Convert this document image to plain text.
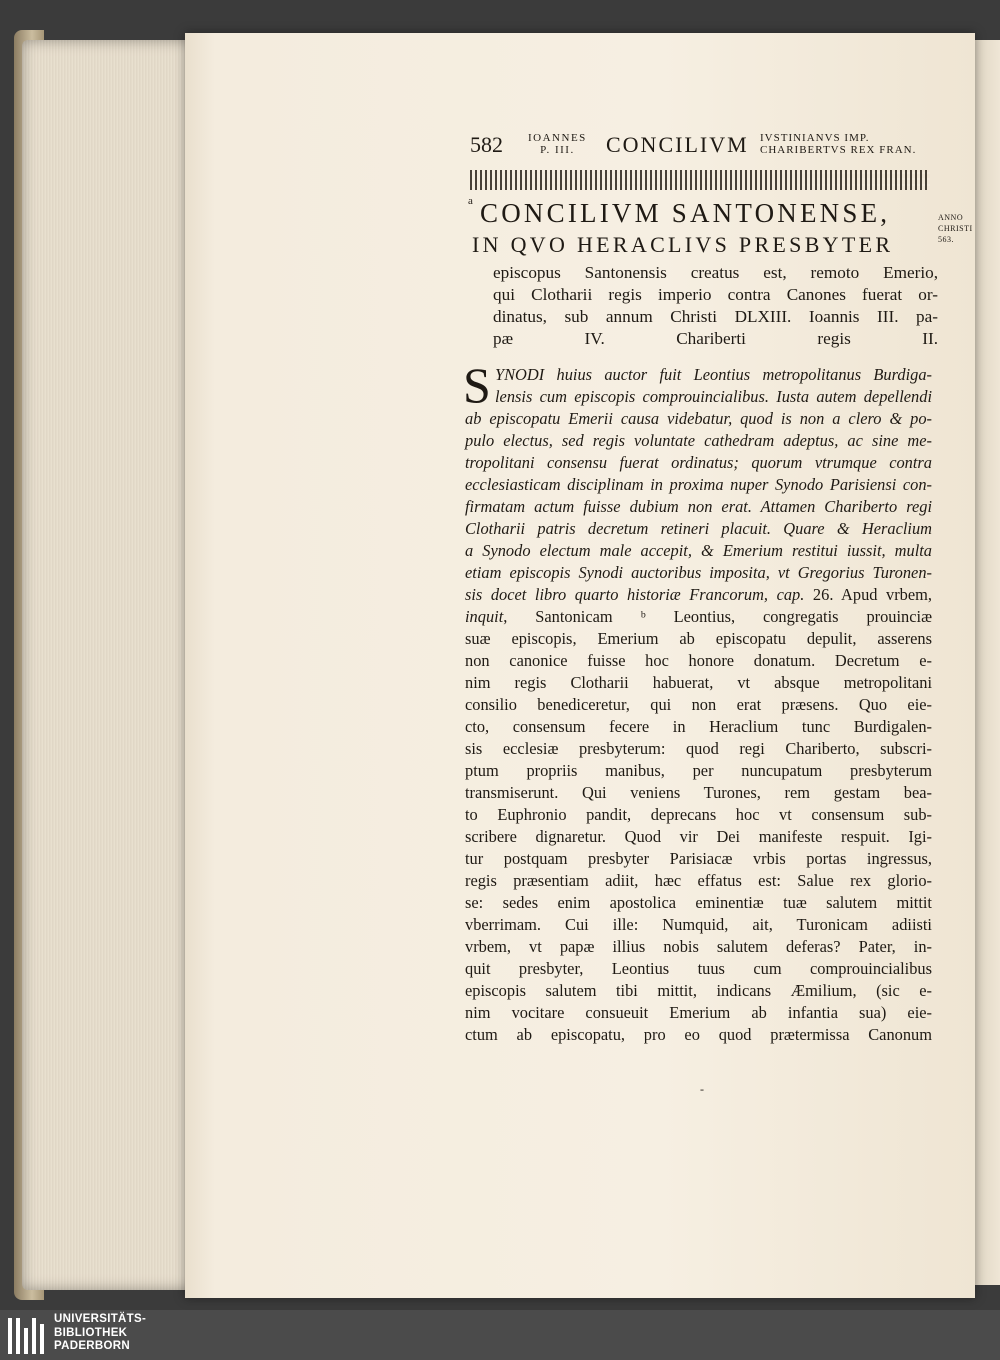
582 IOANNES
P. III.	CONCILIVM IVSTINIANVS IMP.
CHARIBERTVS REX FRAN.
a CONCILIVM SANTONENSE,
IN QVO HERACLIVS PRESBYTER
ANNO
CHRISTI
563.
episcopus Santonensis creatus est, remoto Emerio,
qui Clotharii regis imperio contra Canones fuerat or-
dinatus, sub annum Christi DLXIII. Ioannis III. pa-
pæ IV. Chariberti regis II.
S YNODI huius auctor fuit Leontius metropolitanus Burdiga-
lensis cum episcopis comprouincialibus. Iusta autem depellendi
ab episcopatu Emerii causa videbatur, quod is non a clero & po-
pulo electus, sed regis voluntate cathedram adeptus, ac sine me-
tropolitani consensu fuerat ordinatus; quorum vtrumque contra
ecclesiasticam disciplinam in proxima nuper Synodo Parisiensi con-
firmatam actum fuisse dubium non erat. Attamen Chariberto regi
Clotharii patris decretum retineri placuit. Quare & Heraclium
a Synodo electum male accepit, & Emerium restitui iussit, multa
etiam episcopis Synodi auctoribus imposita, vt Gregorius Turonen-
sis docet libro quarto historiæ Francorum, cap. 26. Apud vrbem,
inquit, Santonicam ᵇ Leontius, congregatis prouinciæ
suæ episcopis, Emerium ab episcopatu depulit, asserens
non canonice fuisse hoc honore donatum. Decretum e-
nim regis Clotharii habuerat, vt absque metropolitani
consilio benediceretur, qui non erat præsens. Quo eie-
cto, consensum fecere in Heraclium tunc Burdigalen-
sis ecclesiæ presbyterum: quod regi Chariberto, subscri-
ptum propriis manibus, per nuncupatum presbyterum
transmiserunt. Qui veniens Turones, rem gestam bea-
to Euphronio pandit, deprecans hoc vt consensum sub-
scribere dignaretur. Quod vir Dei manifeste respuit. Igi-
tur postquam presbyter Parisiacæ vrbis portas ingressus,
regis præsentiam adiit, hæc effatus est: Salue rex glorio-
se: sedes enim apostolica eminentiæ tuæ salutem mittit
vberrimam. Cui ille: Numquid, ait, Turonicam adiisti
vrbem, vt papæ illius nobis salutem deferas? Pater, in-
quit presbyter, Leontius tuus cum comprouincialibus
episcopis salutem tibi mittit, indicans Æmilium, (sic e-
nim vocitare consueuit Emerium ab infantia sua) eie-
ctum ab episcopatu, pro eo quod prætermissa Canonum
-
UNIVERSITÄTS-
BIBLIOTHEK
PADERBORN
